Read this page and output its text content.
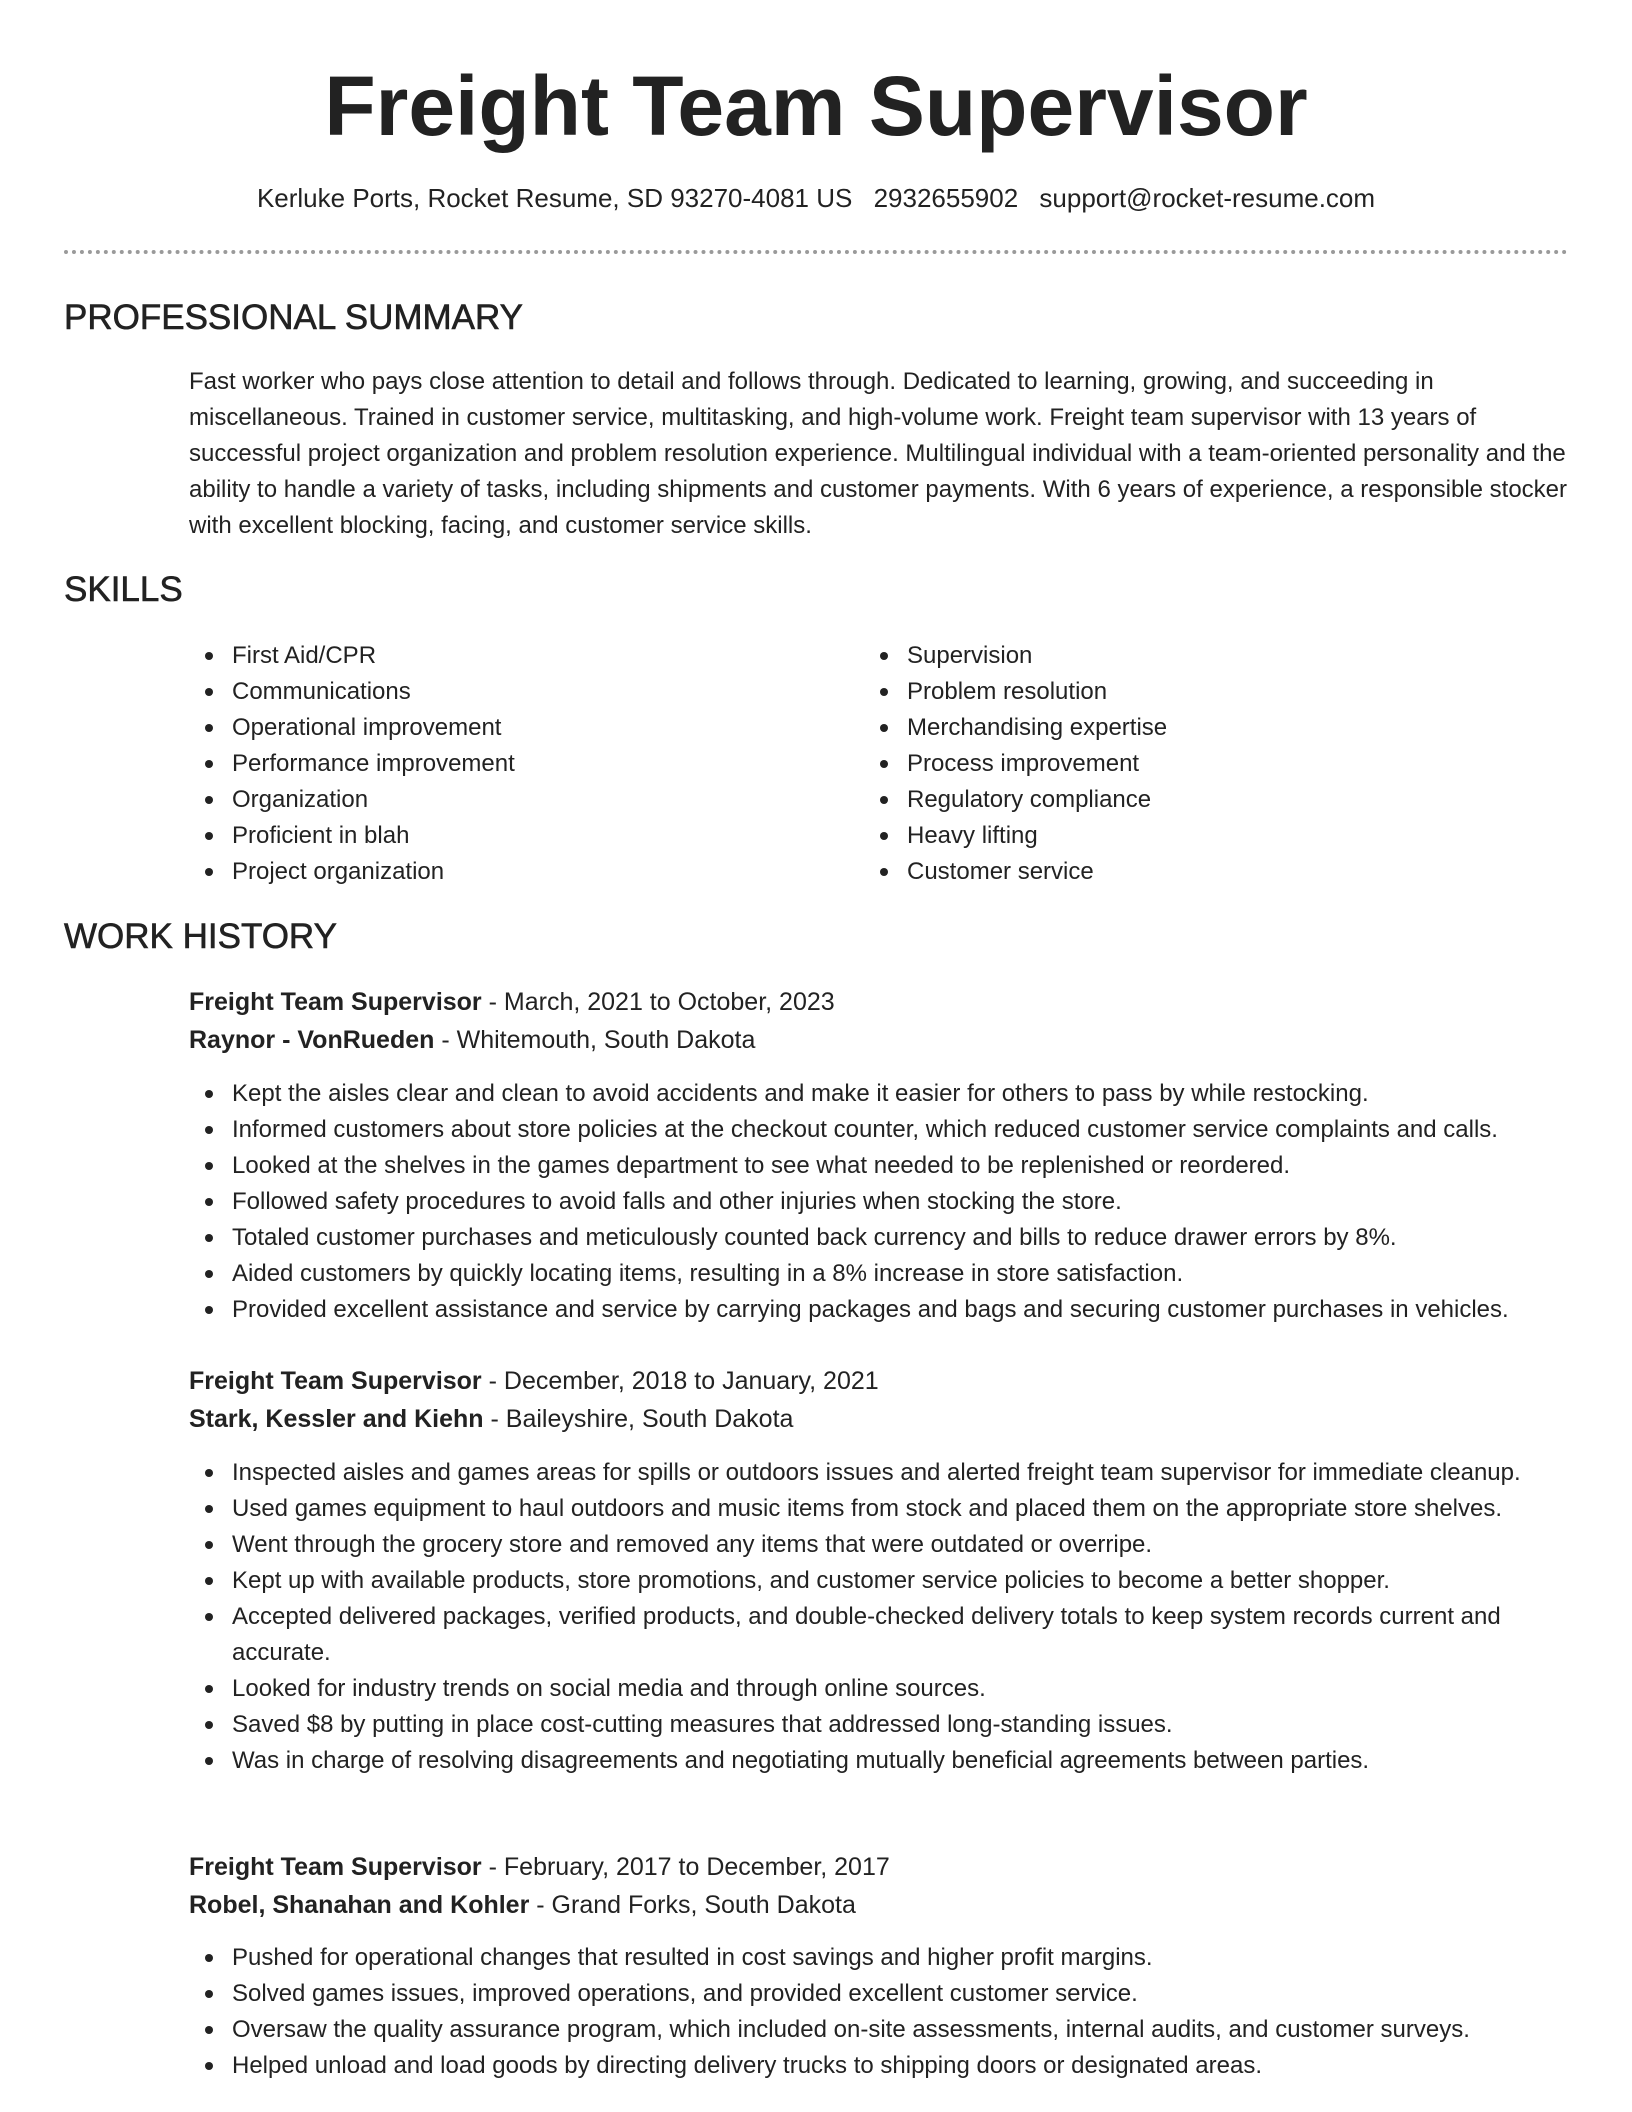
Freight Team Supervisor
Kerluke Ports, Rocket Resume, SD 93270-4081 US 2932655902 support@rocket-resume.com
PROFESSIONAL SUMMARY

Fast worker who pays close attention to detail and follows through. Dedicated to learning, growing, and succeeding in miscellaneous. Trained in customer service, multitasking, and high-volume work. Freight team supervisor with 13 years of successful project organization and problem resolution experience. Multilingual individual with a team-oriented personality and the ability to handle a variety of tasks, including shipments and customer payments. With 6 years of experience, a responsible stocker with excellent blocking, facing, and customer service skills.

SKILLS
First Aid/CPR
Communications
Operational improvement
Performance improvement
Organization
Proficient in blah
Project organization
Supervision
Problem resolution
Merchandising expertise
Process improvement
Regulatory compliance
Heavy lifting
Customer service
WORK HISTORY
Freight Team Supervisor - March, 2021 to October, 2023
Raynor - VonRueden - Whitemouth, South Dakota
Kept the aisles clear and clean to avoid accidents and make it easier for others to pass by while restocking.
Informed customers about store policies at the checkout counter, which reduced customer service complaints and calls.
Looked at the shelves in the games department to see what needed to be replenished or reordered.
Followed safety procedures to avoid falls and other injuries when stocking the store.
Totaled customer purchases and meticulously counted back currency and bills to reduce drawer errors by 8%.
Aided customers by quickly locating items, resulting in a 8% increase in store satisfaction.
Provided excellent assistance and service by carrying packages and bags and securing customer purchases in vehicles.
Freight Team Supervisor - December, 2018 to January, 2021
Stark, Kessler and Kiehn - Baileyshire, South Dakota
Inspected aisles and games areas for spills or outdoors issues and alerted freight team supervisor for immediate cleanup.
Used games equipment to haul outdoors and music items from stock and placed them on the appropriate store shelves.
Went through the grocery store and removed any items that were outdated or overripe.
Kept up with available products, store promotions, and customer service policies to become a better shopper.
Accepted delivered packages, verified products, and double-checked delivery totals to keep system records current and accurate.
Looked for industry trends on social media and through online sources.
Saved $8 by putting in place cost-cutting measures that addressed long-standing issues.
Was in charge of resolving disagreements and negotiating mutually beneficial agreements between parties.
Freight Team Supervisor - February, 2017 to December, 2017
Robel, Shanahan and Kohler - Grand Forks, South Dakota
Pushed for operational changes that resulted in cost savings and higher profit margins.
Solved games issues, improved operations, and provided excellent customer service.
Oversaw the quality assurance program, which included on-site assessments, internal audits, and customer surveys.
Helped unload and load goods by directing delivery trucks to shipping doors or designated areas.
